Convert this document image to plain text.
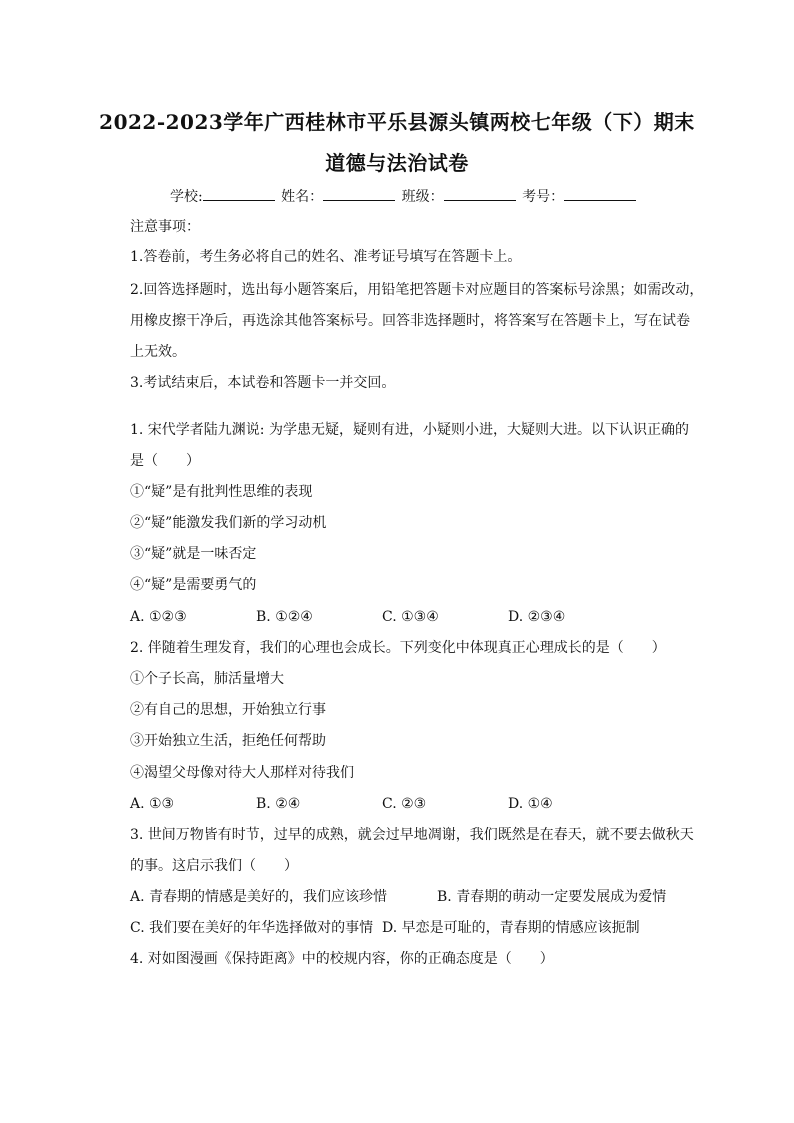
2022-2023学年广西桂林市平乐县源头镇两校七年级（下）期末
道德与法治试卷
学校:	姓名：	班级：	考号：
注意事项：
1.答卷前，考生务必将自己的姓名、准考证号填写在答题卡上。
2.回答选择题时，选出每小题答案后，用铅笔把答题卡对应题目的答案标号涂黑；如需改动，
用橡皮擦干净后，再选涂其他答案标号。回答非选择题时，将答案写在答题卡上，写在试卷
上无效。
3.考试结束后，本试卷和答题卡一并交回。
1. 宋代学者陆九渊说: 为学患无疑，疑则有进，小疑则小进，大疑则大进。以下认识正确的
是（　　）
①“疑”是有批判性思维的表现
②“疑”能激发我们新的学习动机
③“疑”就是一味否定
④“疑”是需要勇气的
A. ①②③	B. ①②④	C. ①③④	D. ②③④
2. 伴随着生理发育，我们的心理也会成长。下列变化中体现真正心理成长的是（　　）
①个子长高，肺活量增大
②有自己的思想，开始独立行事
③开始独立生活，拒绝任何帮助
④渴望父母像对待大人那样对待我们
A. ①③	B. ②④	C. ②③	D. ①④
3. 世间万物皆有时节，过早的成熟，就会过早地凋谢，我们既然是在春天，就不要去做秋天
的事。这启示我们（　　）
A. 青春期的情感是美好的，我们应该珍惜	B. 青春期的萌动一定要发展成为爱情
C. 我们要在美好的年华选择做对的事情 D. 早恋是可耻的，青春期的情感应该扼制
4. 对如图漫画《保持距离》中的校规内容，你的正确态度是（　　）
